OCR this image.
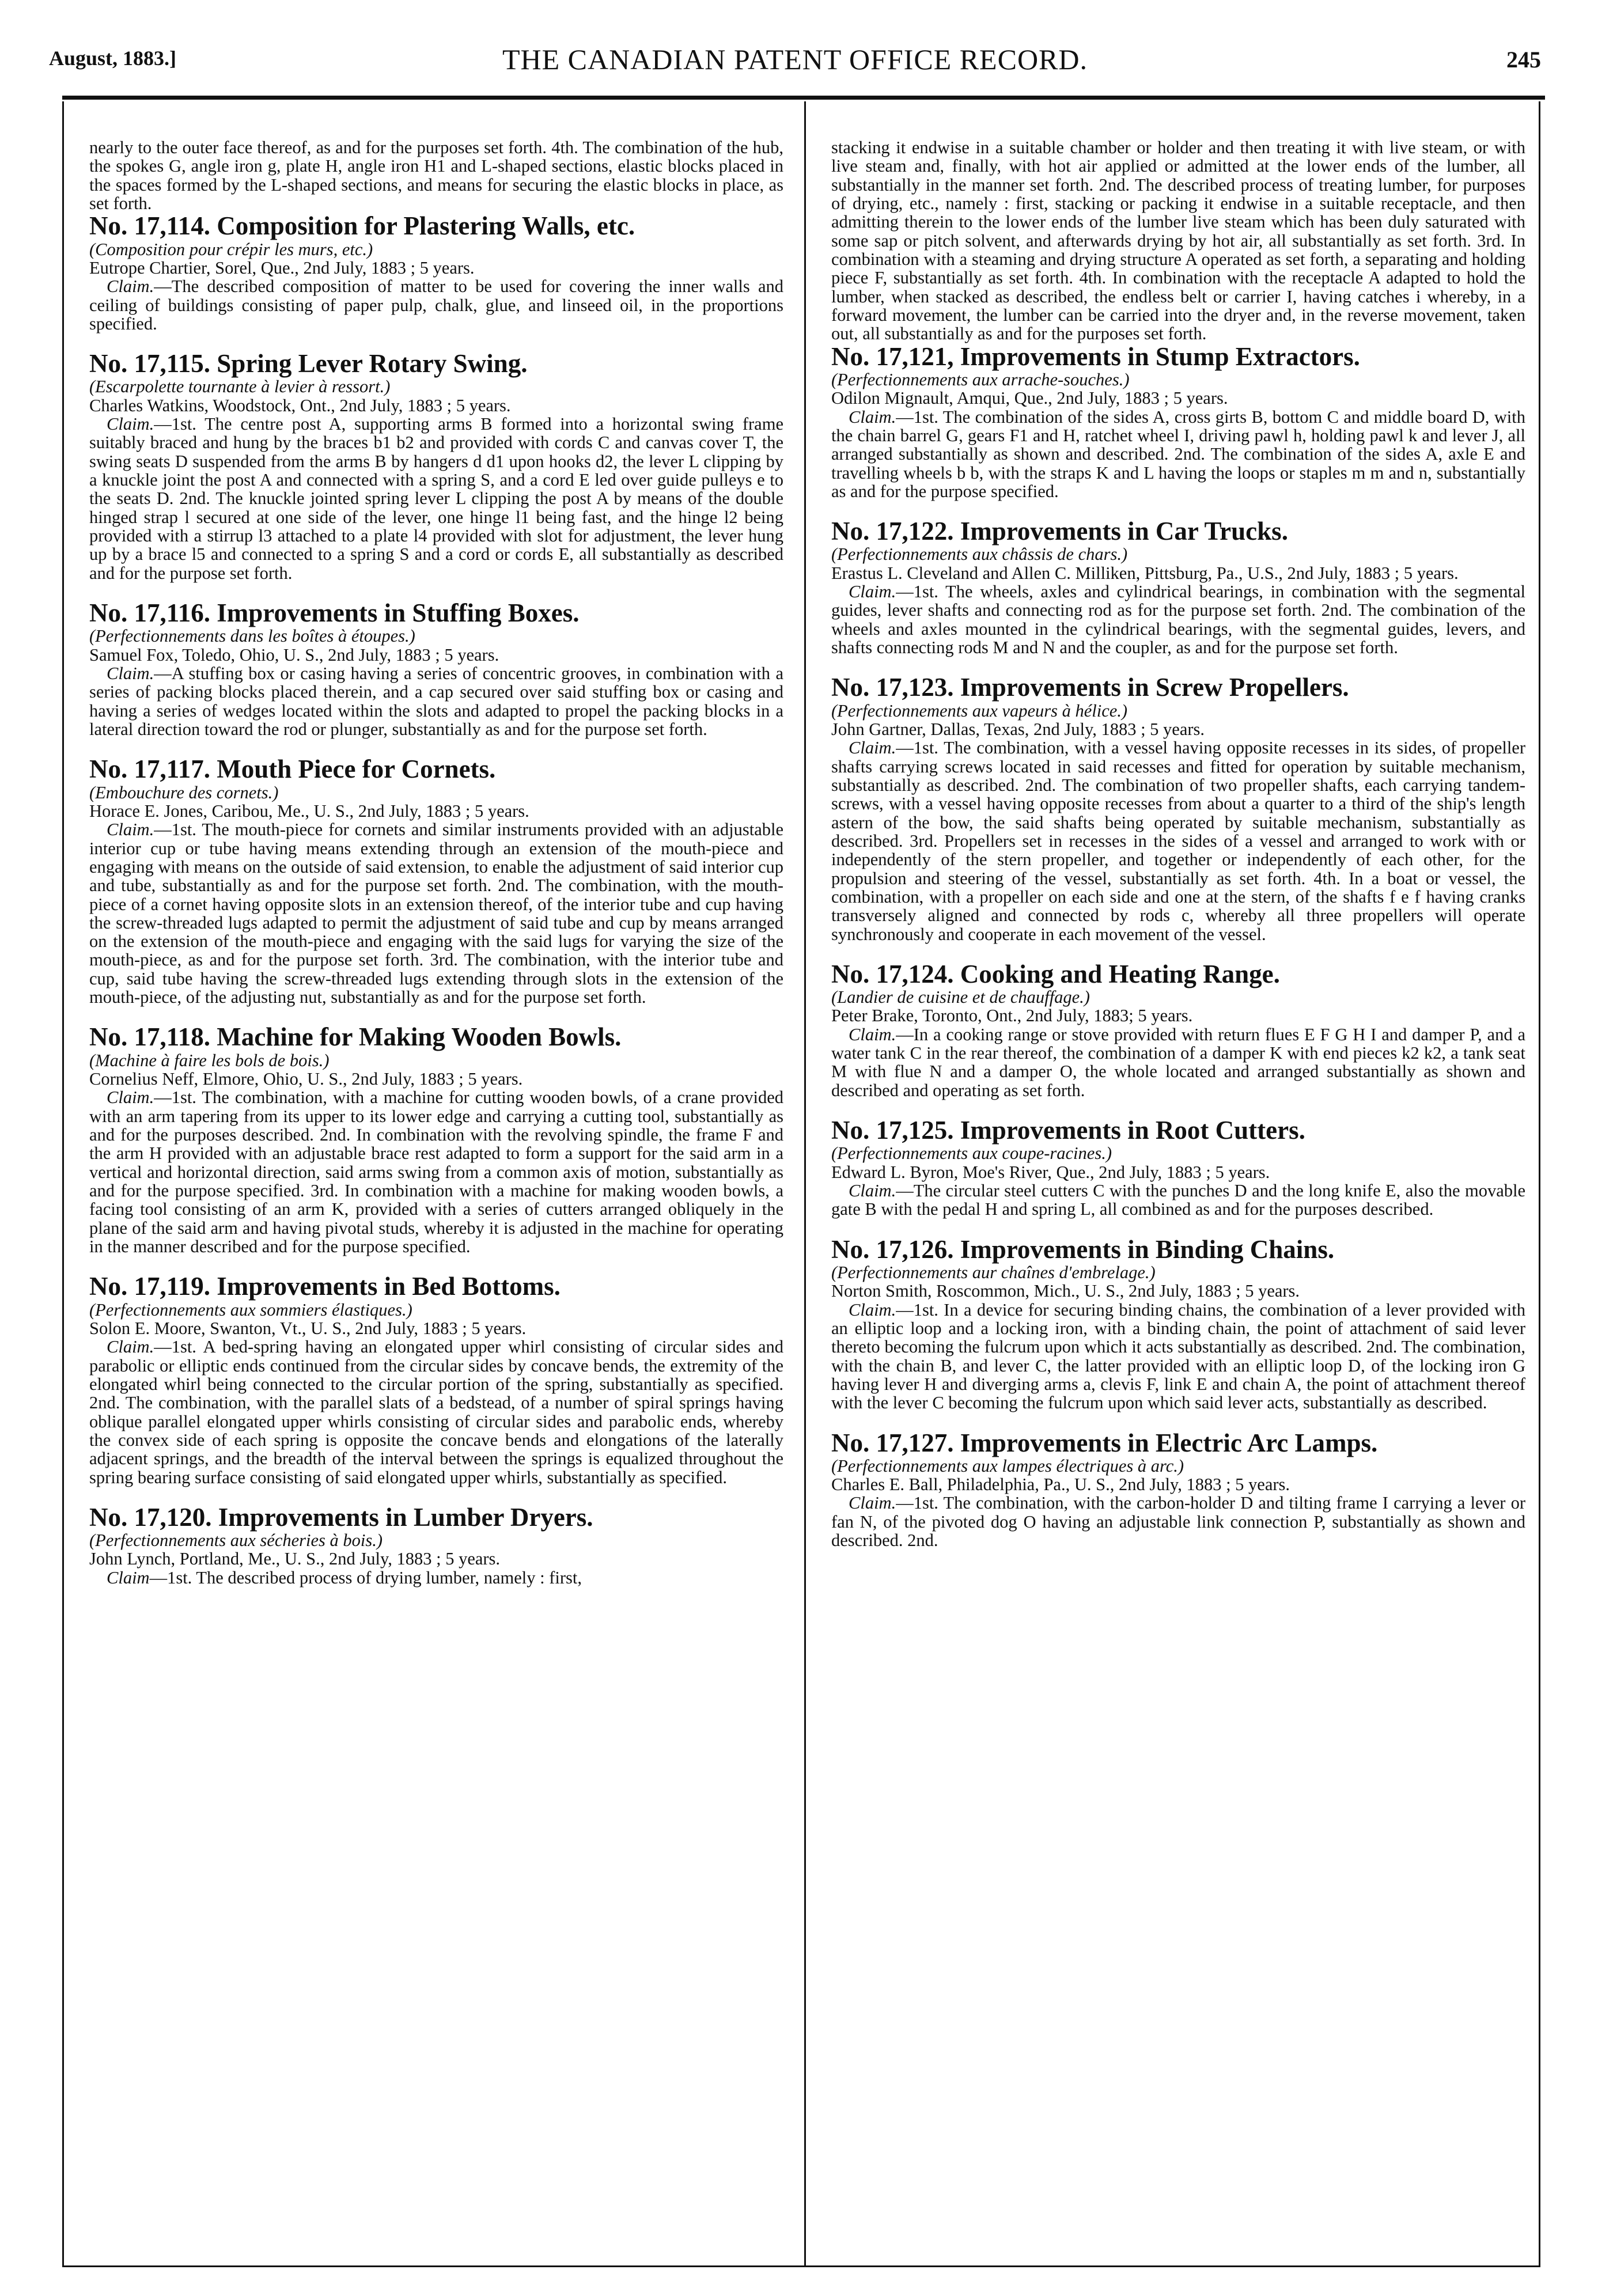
August, 1883.]	THE CANADIAN PATENT OFFICE RECORD.	245

nearly to the outer face thereof, as and for the purposes set forth. 4th. The combination of the hub, the spokes G, angle iron g, plate H, angle iron H1 and L-shaped sections, elastic blocks placed in the spaces formed by the L-shaped sections, and means for securing the elastic blocks in place, as set forth.

No. 17,114. Composition for Plastering Walls, etc.

(Composition pour crépir les murs, etc.)

Eutrope Chartier, Sorel, Que., 2nd July, 1883 ; 5 years.

Claim.—The described composition of matter to be used for covering the inner walls and ceiling of buildings consisting of paper pulp, chalk, glue, and linseed oil, in the proportions specified.

No. 17,115. Spring Lever Rotary Swing.

(Escarpolette tournante à levier à ressort.)

Charles Watkins, Woodstock, Ont., 2nd July, 1883 ; 5 years.

Claim.—1st. The centre post A, supporting arms B formed into a horizontal swing frame suitably braced and hung by the braces b1 b2 and provided with cords C and canvas cover T, the swing seats D suspended from the arms B by hangers d d1 upon hooks d2, the lever L clipping by a knuckle joint the post A and connected with a spring S, and a cord E led over guide pulleys e to the seats D. 2nd. The knuckle jointed spring lever L clipping the post A by means of the double hinged strap l secured at one side of the lever, one hinge l1 being fast, and the hinge l2 being provided with a stirrup l3 attached to a plate l4 provided with slot for adjustment, the lever hung up by a brace l5 and connected to a spring S and a cord or cords E, all substantially as described and for the purpose set forth.

No. 17,116. Improvements in Stuffing Boxes.

(Perfectionnements dans les boîtes à étoupes.)

Samuel Fox, Toledo, Ohio, U. S., 2nd July, 1883 ; 5 years.

Claim.—A stuffing box or casing having a series of concentric grooves, in combination with a series of packing blocks placed therein, and a cap secured over said stuffing box or casing and having a series of wedges located within the slots and adapted to propel the packing blocks in a lateral direction toward the rod or plunger, substantially as and for the purpose set forth.

No. 17,117. Mouth Piece for Cornets.

(Embouchure des cornets.)

Horace E. Jones, Caribou, Me., U. S., 2nd July, 1883 ; 5 years.

Claim.—1st. The mouth-piece for cornets and similar instruments provided with an adjustable interior cup or tube having means extending through an extension of the mouth-piece and engaging with means on the outside of said extension, to enable the adjustment of said interior cup and tube, substantially as and for the purpose set forth. 2nd. The combination, with the mouth-piece of a cornet having opposite slots in an extension thereof, of the interior tube and cup having the screw-threaded lugs adapted to permit the adjustment of said tube and cup by means arranged on the extension of the mouth-piece and engaging with the said lugs for varying the size of the mouth-piece, as and for the purpose set forth. 3rd. The combination, with the interior tube and cup, said tube having the screw-threaded lugs extending through slots in the extension of the mouth-piece, of the adjusting nut, substantially as and for the purpose set forth.

No. 17,118. Machine for Making Wooden Bowls.

(Machine à faire les bols de bois.)

Cornelius Neff, Elmore, Ohio, U. S., 2nd July, 1883 ; 5 years.

Claim.—1st. The combination, with a machine for cutting wooden bowls, of a crane provided with an arm tapering from its upper to its lower edge and carrying a cutting tool, substantially as and for the purposes described. 2nd. In combination with the revolving spindle, the frame F and the arm H provided with an adjustable brace rest adapted to form a support for the said arm in a vertical and horizontal direction, said arms swing from a common axis of motion, substantially as and for the purpose specified. 3rd. In combination with a machine for making wooden bowls, a facing tool consisting of an arm K, provided with a series of cutters arranged obliquely in the plane of the said arm and having pivotal studs, whereby it is adjusted in the machine for operating in the manner described and for the purpose specified.

No. 17,119. Improvements in Bed Bottoms.

(Perfectionnements aux sommiers élastiques.)

Solon E. Moore, Swanton, Vt., U. S., 2nd July, 1883 ; 5 years.

Claim.—1st. A bed-spring having an elongated upper whirl consisting of circular sides and parabolic or elliptic ends continued from the circular sides by concave bends, the extremity of the elongated whirl being connected to the circular portion of the spring, substantially as specified. 2nd. The combination, with the parallel slats of a bedstead, of a number of spiral springs having oblique parallel elongated upper whirls consisting of circular sides and parabolic ends, whereby the convex side of each spring is opposite the concave bends and elongations of the laterally adjacent springs, and the breadth of the interval between the springs is equalized throughout the spring bearing surface consisting of said elongated upper whirls, substantially as specified.

No. 17,120. Improvements in Lumber Dryers.

(Perfectionnements aux sécheries à bois.)

John Lynch, Portland, Me., U. S., 2nd July, 1883 ; 5 years.

Claim—1st. The described process of drying lumber, namely : first,

stacking it endwise in a suitable chamber or holder and then treating it with live steam, or with live steam and, finally, with hot air applied or admitted at the lower ends of the lumber, all substantially in the manner set forth. 2nd. The described process of treating lumber, for purposes of drying, etc., namely : first, stacking or packing it endwise in a suitable receptacle, and then admitting therein to the lower ends of the lumber live steam which has been duly saturated with some sap or pitch solvent, and afterwards drying by hot air, all substantially as set forth. 3rd. In combination with a steaming and drying structure A operated as set forth, a separating and holding piece F, substantially as set forth. 4th. In combination with the receptacle A adapted to hold the lumber, when stacked as described, the endless belt or carrier I, having catches i whereby, in a forward movement, the lumber can be carried into the dryer and, in the reverse movement, taken out, all substantially as and for the purposes set forth.

No. 17,121, Improvements in Stump Extractors.

(Perfectionnements aux arrache-souches.)

Odilon Mignault, Amqui, Que., 2nd July, 1883 ; 5 years.

Claim.—1st. The combination of the sides A, cross girts B, bottom C and middle board D, with the chain barrel G, gears F1 and H, ratchet wheel I, driving pawl h, holding pawl k and lever J, all arranged substantially as shown and described. 2nd. The combination of the sides A, axle E and travelling wheels b b, with the straps K and L having the loops or staples m m and n, substantially as and for the purpose specified.

No. 17,122. Improvements in Car Trucks.

(Perfectionnements aux châssis de chars.)

Erastus L. Cleveland and Allen C. Milliken, Pittsburg, Pa., U.S., 2nd July, 1883 ; 5 years.

Claim.—1st. The wheels, axles and cylindrical bearings, in combination with the segmental guides, lever shafts and connecting rod as for the purpose set forth. 2nd. The combination of the wheels and axles mounted in the cylindrical bearings, with the segmental guides, levers, and shafts connecting rods M and N and the coupler, as and for the purpose set forth.

No. 17,123. Improvements in Screw Propellers.

(Perfectionnements aux vapeurs à hélice.)

John Gartner, Dallas, Texas, 2nd July, 1883 ; 5 years.

Claim.—1st. The combination, with a vessel having opposite recesses in its sides, of propeller shafts carrying screws located in said recesses and fitted for operation by suitable mechanism, substantially as described. 2nd. The combination of two propeller shafts, each carrying tandem-screws, with a vessel having opposite recesses from about a quarter to a third of the ship's length astern of the bow, the said shafts being operated by suitable mechanism, substantially as described. 3rd. Propellers set in recesses in the sides of a vessel and arranged to work with or independently of the stern propeller, and together or independently of each other, for the propulsion and steering of the vessel, substantially as set forth. 4th. In a boat or vessel, the combination, with a propeller on each side and one at the stern, of the shafts f e f having cranks transversely aligned and connected by rods c, whereby all three propellers will operate synchronously and cooperate in each movement of the vessel.

No. 17,124. Cooking and Heating Range.

(Landier de cuisine et de chauffage.)

Peter Brake, Toronto, Ont., 2nd July, 1883; 5 years.

Claim.—In a cooking range or stove provided with return flues E F G H I and damper P, and a water tank C in the rear thereof, the combination of a damper K with end pieces k2 k2, a tank seat M with flue N and a damper O, the whole located and arranged substantially as shown and described and operating as set forth.

No. 17,125. Improvements in Root Cutters.

(Perfectionnements aux coupe-racines.)

Edward L. Byron, Moe's River, Que., 2nd July, 1883 ; 5 years.

Claim.—The circular steel cutters C with the punches D and the long knife E, also the movable gate B with the pedal H and spring L, all combined as and for the purposes described.

No. 17,126. Improvements in Binding Chains.

(Perfectionnements aur chaînes d'embrelage.)

Norton Smith, Roscommon, Mich., U. S., 2nd July, 1883 ; 5 years.

Claim.—1st. In a device for securing binding chains, the combination of a lever provided with an elliptic loop and a locking iron, with a binding chain, the point of attachment of said lever thereto becoming the fulcrum upon which it acts substantially as described. 2nd. The combination, with the chain B, and lever C, the latter provided with an elliptic loop D, of the locking iron G having lever H and diverging arms a, clevis F, link E and chain A, the point of attachment thereof with the lever C becoming the fulcrum upon which said lever acts, substantially as described.

No. 17,127. Improvements in Electric Arc Lamps.

(Perfectionnements aux lampes électriques à arc.)

Charles E. Ball, Philadelphia, Pa., U. S., 2nd July, 1883 ; 5 years.

Claim.—1st. The combination, with the carbon-holder D and tilting frame I carrying a lever or fan N, of the pivoted dog O having an adjustable link connection P, substantially as shown and described. 2nd.
